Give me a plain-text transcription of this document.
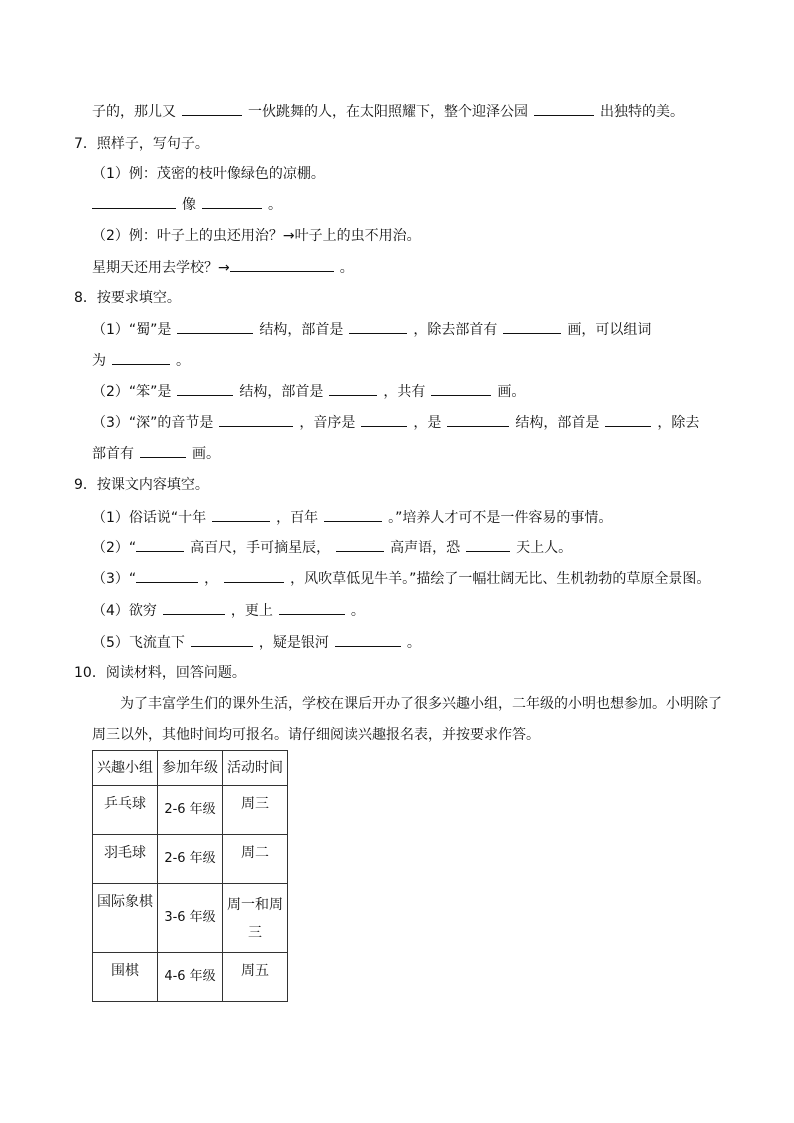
子的，那儿又	一伙跳舞的人，在太阳照耀下，整个迎泽公园	出独特的美。
7．照样子，写句子。
（1）例：茂密的枝叶像绿色的凉棚。
像	。
（2）例：叶子上的虫还用治？→叶子上的虫不用治。
星期天还用去学校？→	。
8．按要求填空。
（1）“蜀”是	结构，部首是	，除去部首有	画，可以组词
为	。
（2）“笨”是	结构，部首是	，共有	画。
（3）“深”的音节是	，音序是	，是	结构，部首是	，除去
部首有	画。
9．按课文内容填空。
（1）俗话说“十年	，百年	。”培养人才可不是一件容易的事情。
（2）“	高百尺，手可摘星辰，	高声语，恐	天上人。
（3）“	，	，风吹草低见牛羊。”描绘了一幅壮阔无比、生机勃勃的草原全景图。
（4）欲穷	，更上	。
（5）飞流直下	，疑是银河	。
10．阅读材料，回答问题。
为了丰富学生们的课外生活，学校在课后开办了很多兴趣小组，二年级的小明也想参加。小明除了
周三以外，其他时间均可报名。请仔细阅读兴趣报名表，并按要求作答。
兴趣小组	参加年级	活动时间
乒乓球	2-6 年级	周三
羽毛球	2-6 年级	周二
国际象棋	3-6 年级	周一和周三
围棋	4-6 年级	周五
